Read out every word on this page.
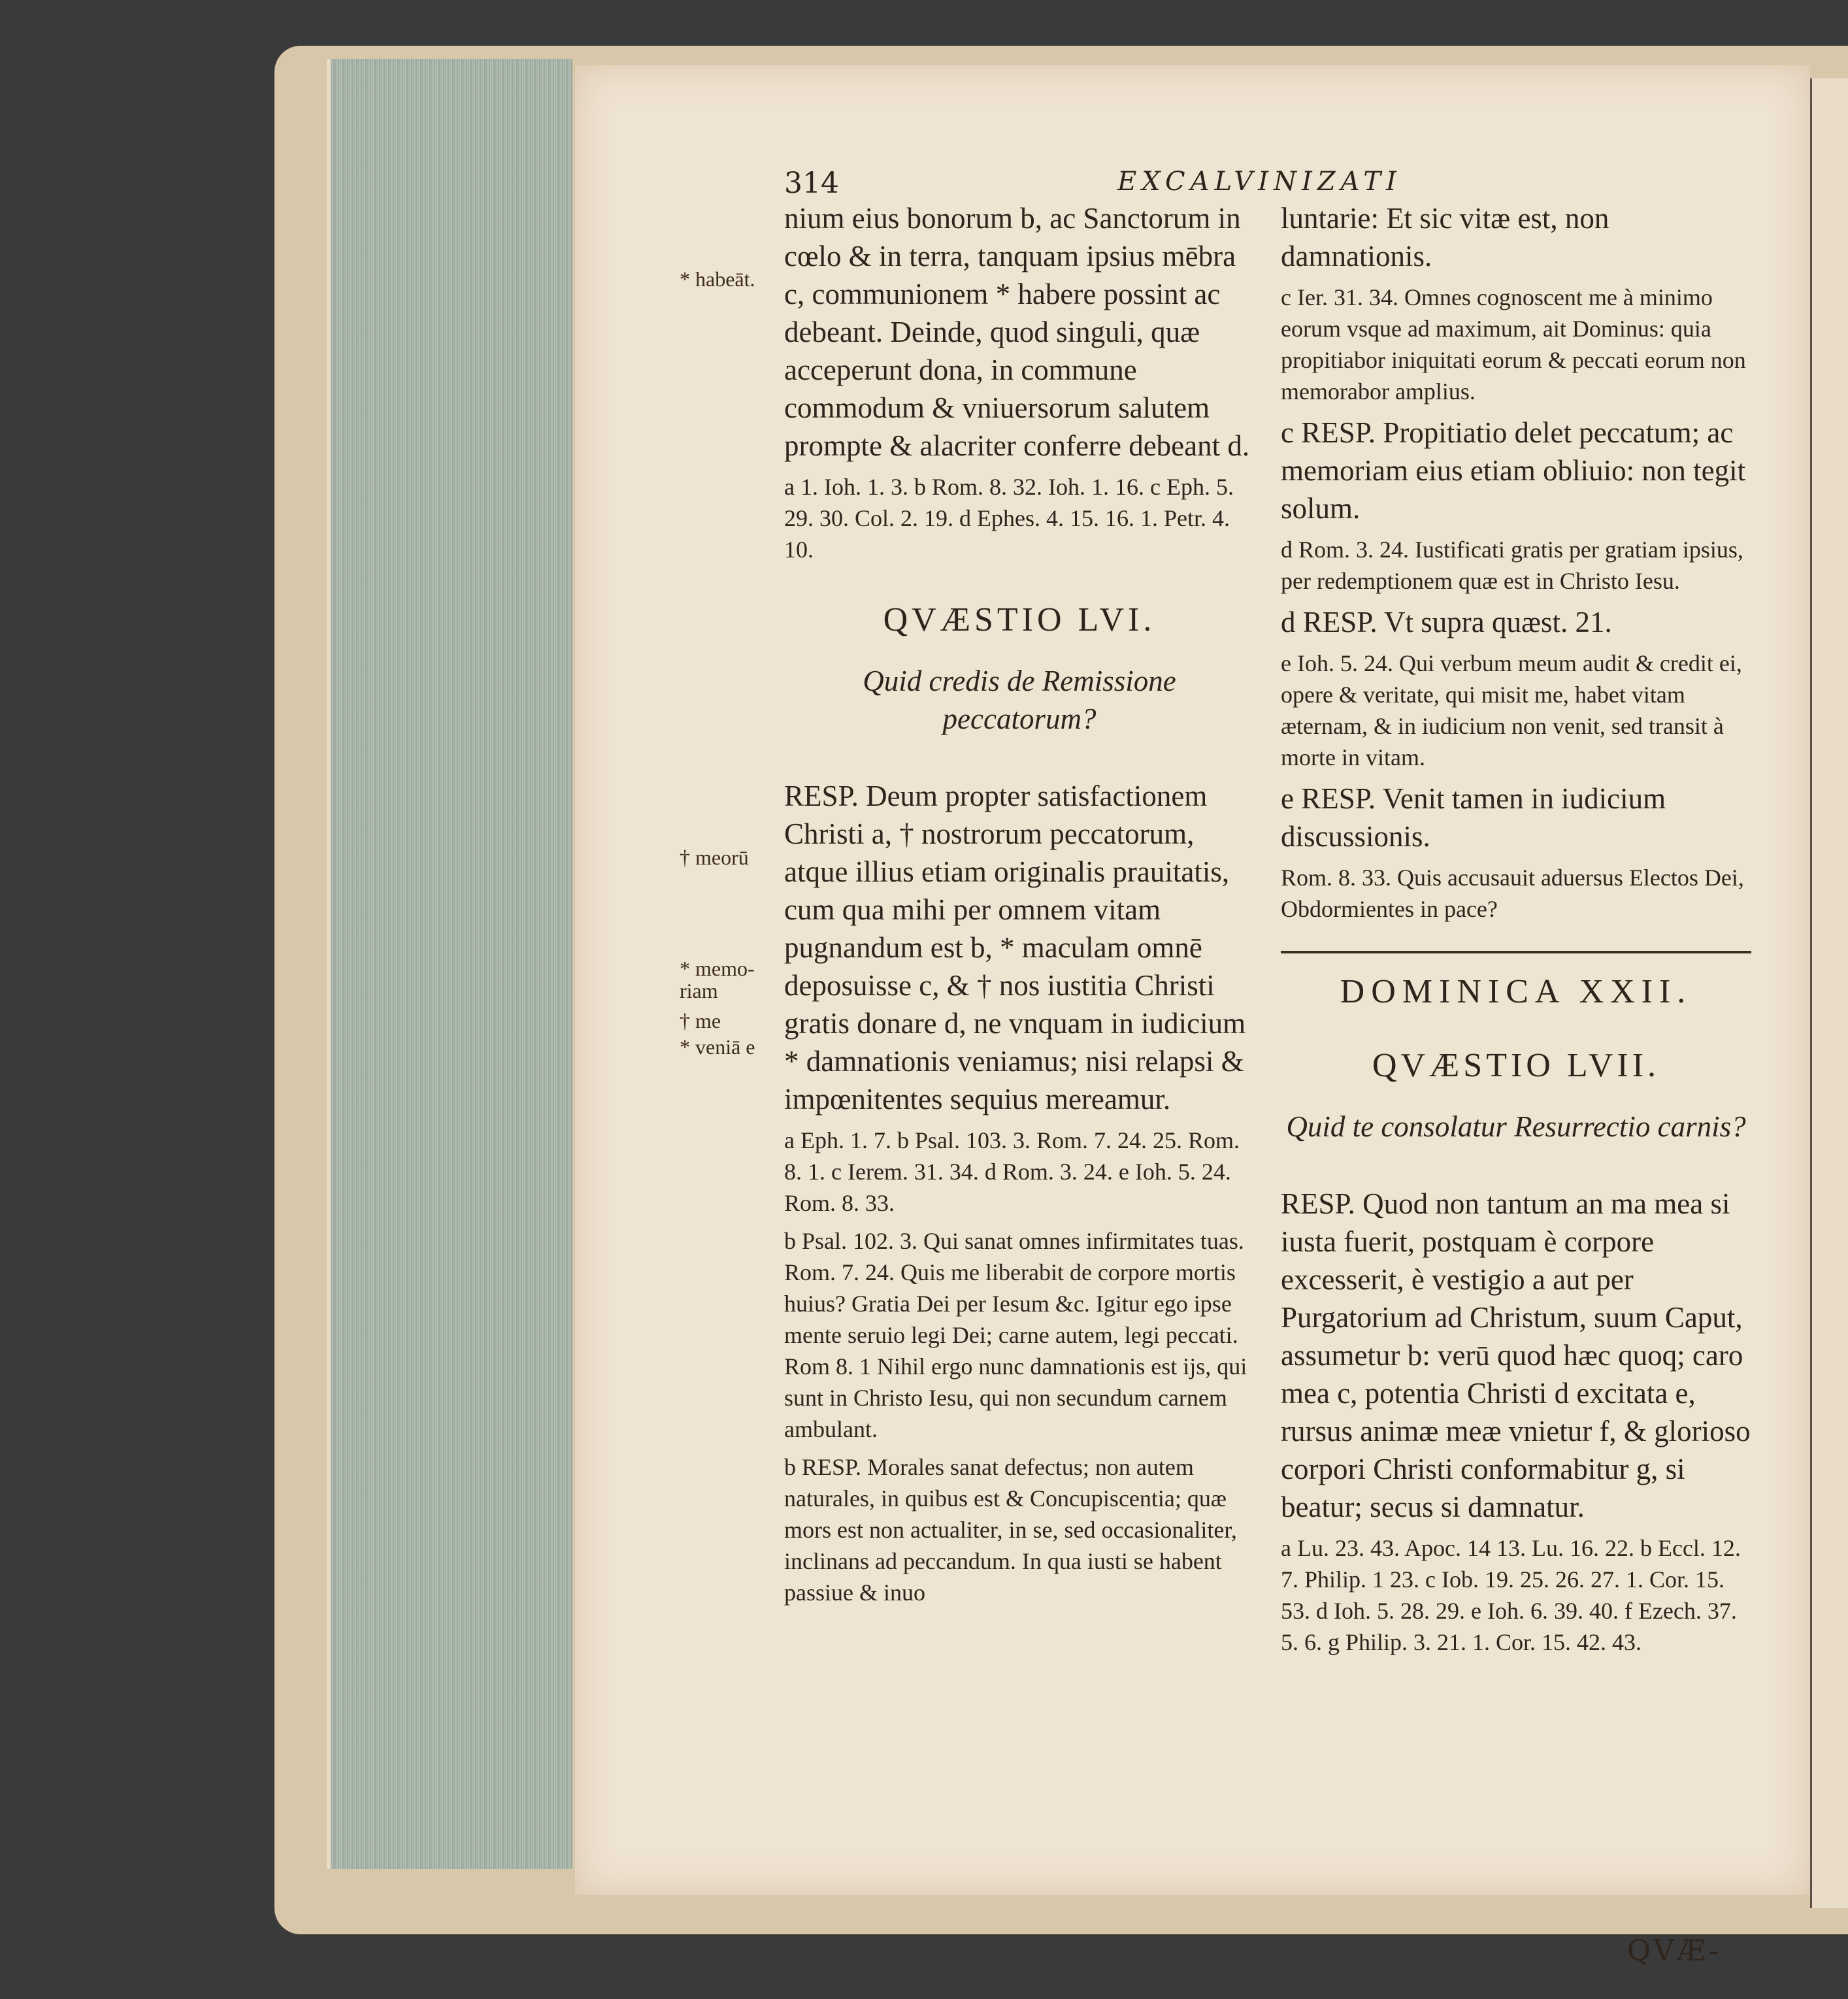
314	EXCALVINIZATI
* habeāt.
† meorū
* memo-riam
† me
* veniā e

nium eius bonorum b, ac Sanctorum in cœlo & in terra, tanquam ipsius mēbra c, communionem * habere possint ac debeant. Deinde, quod singuli, quæ acceperunt dona, in commune commodum & vniuersorum salutem prompte & alacriter conferre debeant d.

a 1. Ioh. 1. 3. b Rom. 8. 32. Ioh. 1. 16. c Eph. 5. 29. 30. Col. 2. 19. d Ephes. 4. 15. 16. 1. Petr. 4. 10.

QVÆSTIO LVI.
Quid credis de Remissione peccatorum?

RESP. Deum propter satisfactionem Christi a, † nostrorum peccatorum, atque illius etiam originalis prauitatis, cum qua mihi per omnem vitam pugnandum est b, * maculam omnē deposuisse c, & † nos iustitia Christi gratis donare d, ne vnquam in iudicium * damnationis veniamus; nisi relapsi & impœnitentes sequius mereamur.

a Eph. 1. 7. b Psal. 103. 3. Rom. 7. 24. 25. Rom. 8. 1. c Ierem. 31. 34. d Rom. 3. 24. e Ioh. 5. 24. Rom. 8. 33.

b Psal. 102. 3. Qui sanat omnes infirmitates tuas. Rom. 7. 24. Quis me liberabit de corpore mortis huius? Gratia Dei per Iesum &c. Igitur ego ipse mente seruio legi Dei; carne autem, legi peccati. Rom 8. 1 Nihil ergo nunc damnationis est ijs, qui sunt in Christo Iesu, qui non secundum carnem ambulant.

b RESP. Morales sanat defectus; non autem naturales, in quibus est & Concupiscentia; quæ mors est non actualiter, in se, sed occasionaliter, inclinans ad peccandum. In qua iusti se habent passiue & inuo

luntarie: Et sic vitæ est, non damnationis.

c Ier. 31. 34. Omnes cognoscent me à minimo eorum vsque ad maximum, ait Dominus: quia propitiabor iniquitati eorum & peccati eorum non memorabor amplius.

c RESP. Propitiatio delet peccatum; ac memoriam eius etiam obliuio: non tegit solum.

d Rom. 3. 24. Iustificati gratis per gratiam ipsius, per redemptionem quæ est in Christo Iesu.

d RESP. Vt supra quæst. 21.

e Ioh. 5. 24. Qui verbum meum audit & credit ei, opere & veritate, qui misit me, habet vitam æternam, & in iudicium non venit, sed transit à morte in vitam.

e RESP. Venit tamen in iudicium discussionis.

Rom. 8. 33. Quis accusauit aduersus Electos Dei, Obdormientes in pace?

DOMINICA XXII.
QVÆSTIO LVII.
Quid te consolatur Resurrectio carnis?

RESP. Quod non tantum an ma mea si iusta fuerit, postquam è corpore excesserit, è vestigio a aut per Purgatorium ad Christum, suum Caput, assumetur b: verū quod hæc quoq; caro mea c, potentia Christi d excitata e, rursus animæ meæ vnietur f, & glorioso corpori Christi conformabitur g, si beatur; secus si damnatur.

a Lu. 23. 43. Apoc. 14 13. Lu. 16. 22. b Eccl. 12. 7. Philip. 1 23. c Iob. 19. 25. 26. 27. 1. Cor. 15. 53. d Ioh. 5. 28. 29. e Ioh. 6. 39. 40. f Ezech. 37. 5. 6. g Philip. 3. 21. 1. Cor. 15. 42. 43.

QVÆ-
